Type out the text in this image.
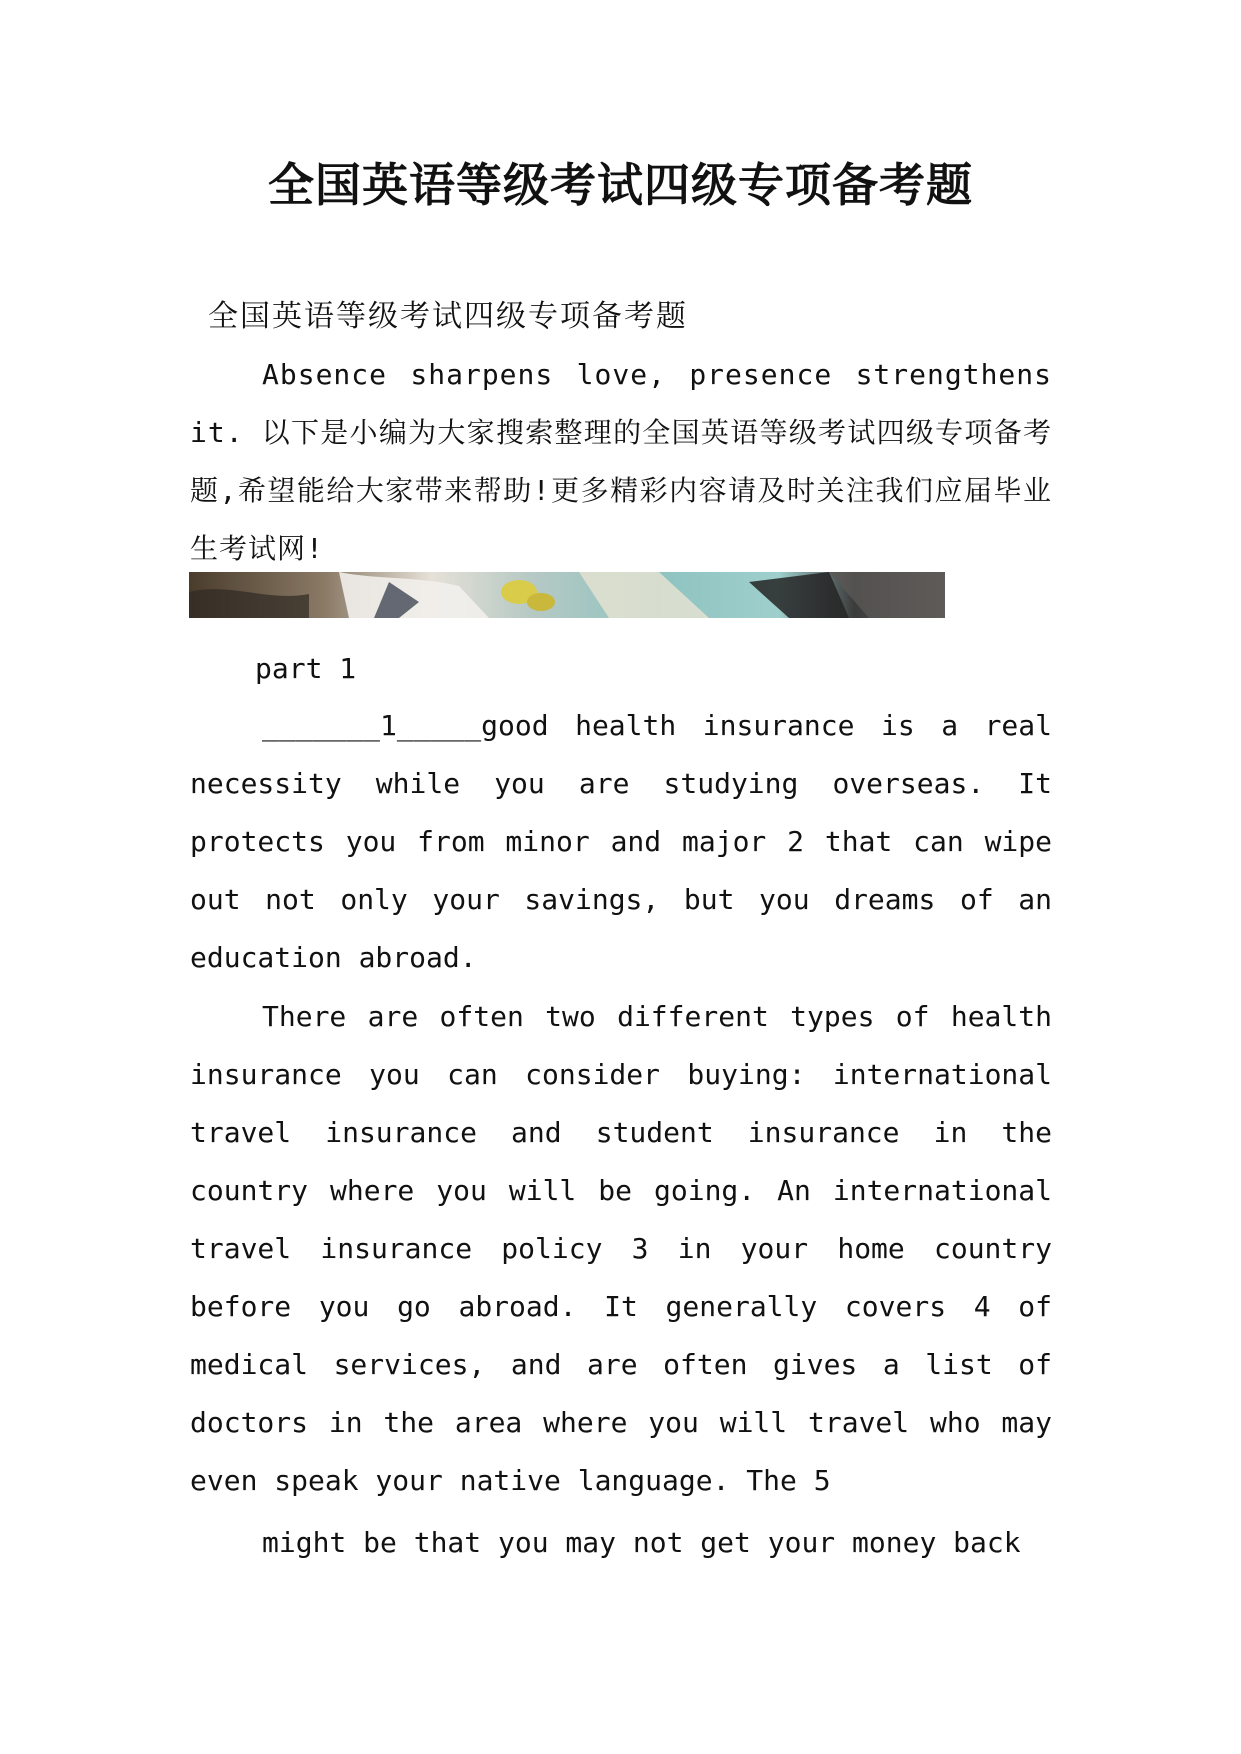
全国英语等级考试四级专项备考题
全国英语等级考试四级专项备考题
Absence sharpens love, presence strengthens it. 以下是小编为大家搜索整理的全国英语等级考试四级专项备考题,希望能给大家带来帮助!更多精彩内容请及时关注我们应届毕业生考试网!
part 1
_______1_____good health insurance is a real necessity while you are studying overseas. It protects you from minor and major 2 that can wipe out not only your savings, but you dreams of an education abroad.
There are often two different types of health insurance you can consider buying: international travel insurance and student insurance in the country where you will be going. An international travel insurance policy 3 in your home country before you go abroad. It generally covers 4 of medical services, and are often gives a list of doctors in the area where you will travel who may even speak your native language. The 5
might be that you may not get your money back
